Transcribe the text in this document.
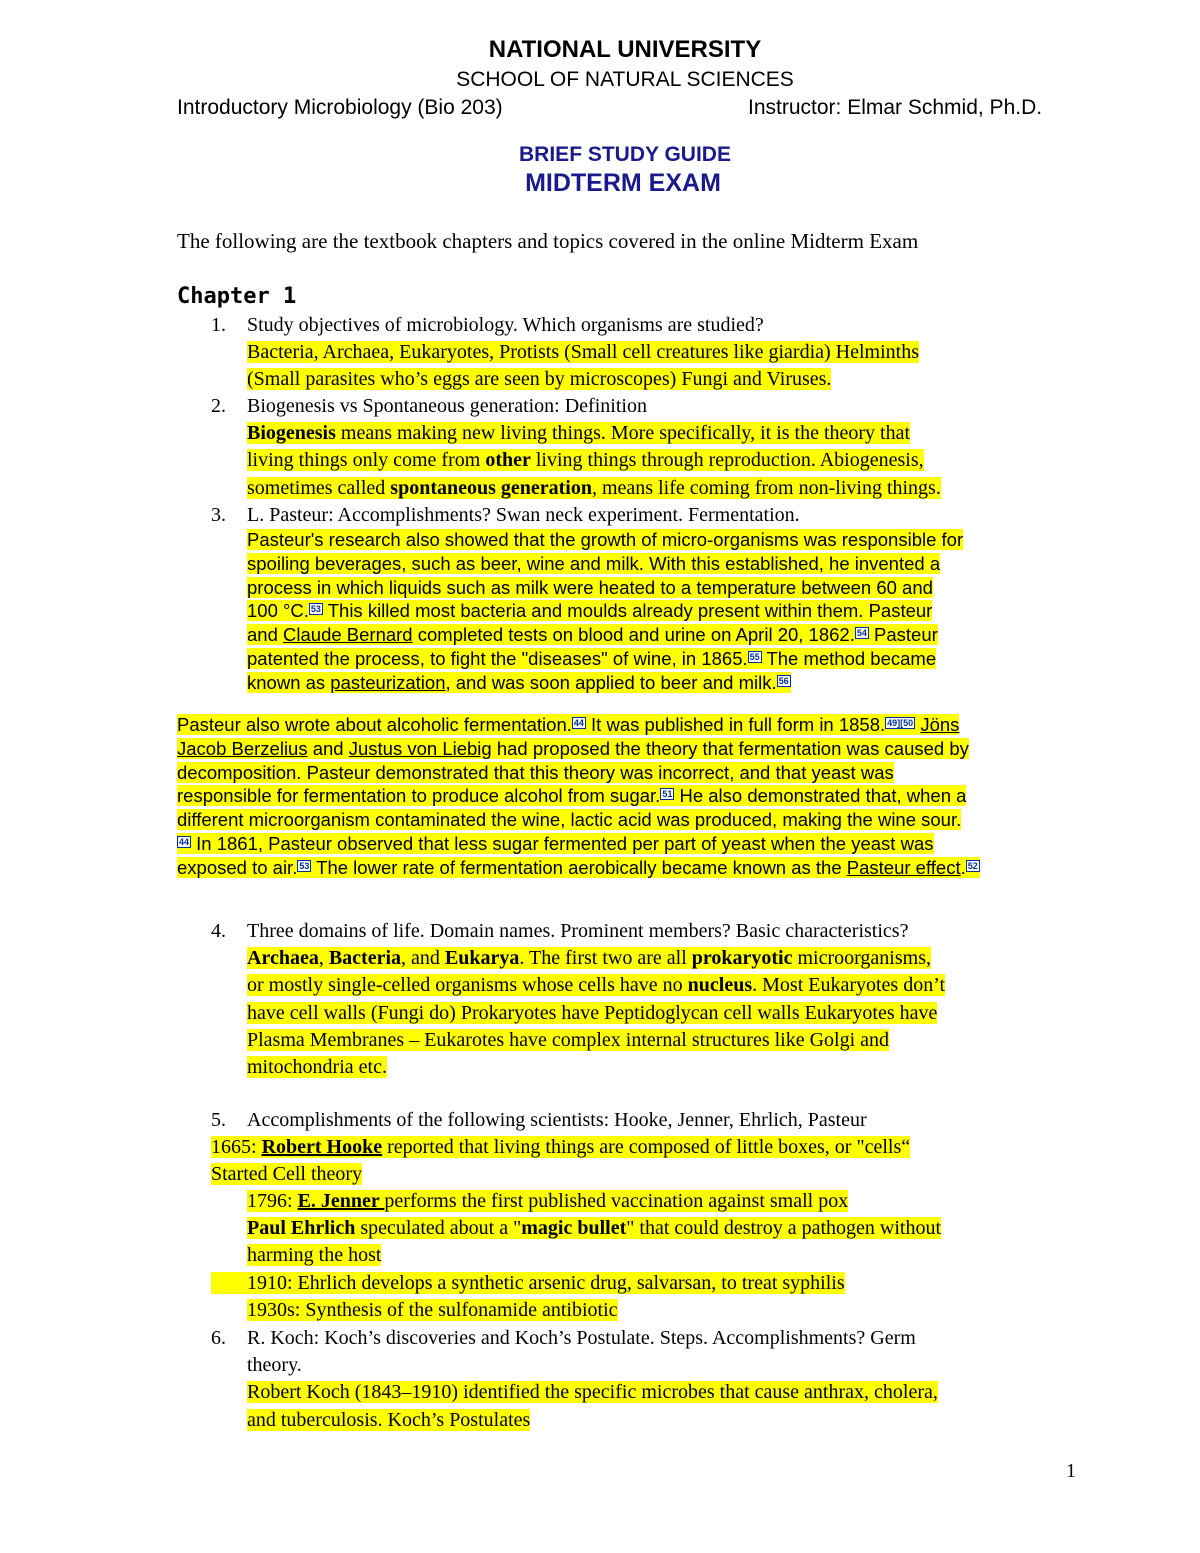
NATIONAL UNIVERSITY
SCHOOL OF NATURAL SCIENCES
Introductory Microbiology (Bio 203)	Instructor: Elmar Schmid, Ph.D.
BRIEF STUDY GUIDE
MIDTERM EXAM
The following are the textbook chapters and topics covered in the online Midterm Exam
Chapter 1
1. Study objectives of microbiology. Which organisms are studied?
Bacteria, Archaea, Eukaryotes, Protists (Small cell creatures like giardia) Helminths
(Small parasites who’s eggs are seen by microscopes) Fungi and Viruses.
2. Biogenesis vs Spontaneous generation: Definition
Biogenesis means making new living things. More specifically, it is the theory that
living things only come from other living things through reproduction. Abiogenesis,
sometimes called spontaneous generation, means life coming from non-living things.
3. L. Pasteur: Accomplishments? Swan neck experiment. Fermentation.
Pasteur's research also showed that the growth of micro-organisms was responsible for
spoiling beverages, such as beer, wine and milk. With this established, he invented a
process in which liquids such as milk were heated to a temperature between 60 and
100 °C. $^{53}$ This killed most bacteria and moulds already present within them. Pasteur
and Claude Bernard completed tests on blood and urine on April 20, 1862. $^{54}$ Pasteur
patented the process, to fight the "diseases" of wine, in 1865. $^{55}$ The method became
known as pasteurization, and was soon applied to beer and milk. $^{56}$
Pasteur also wrote about alcoholic fermentation. $^{44}$ It was published in full form in 1858. $^{49][50}$ Jöns
Jacob Berzelius and Justus von Liebig had proposed the theory that fermentation was caused by
decomposition. Pasteur demonstrated that this theory was incorrect, and that yeast was
responsible for fermentation to produce alcohol from sugar. $^{51}$ He also demonstrated that, when a
different microorganism contaminated the wine, lactic acid was produced, making the wine sour.
$^{44}$ In 1861, Pasteur observed that less sugar fermented per part of yeast when the yeast was
exposed to air. $^{53}$ The lower rate of fermentation aerobically became known as the Pasteur effect. $^{52}$
4. Three domains of life. Domain names. Prominent members? Basic characteristics?
Archaea, Bacteria, and Eukarya. The first two are all prokaryotic microorganisms,
or mostly single-celled organisms whose cells have no nucleus. Most Eukaryotes don’t
have cell walls (Fungi do) Prokaryotes have Peptidoglycan cell walls Eukaryotes have
Plasma Membranes – Eukarotes have complex internal structures like Golgi and
mitochondria etc.
5. Accomplishments of the following scientists: Hooke, Jenner, Ehrlich, Pasteur
1665: Robert Hooke reported that living things are composed of little boxes, or "cells“
Started Cell theory
1796: E. Jenner performs the first published vaccination against small pox
Paul Ehrlich speculated about a "magic bullet" that could destroy a pathogen without
harming the host
1910: Ehrlich develops a synthetic arsenic drug, salvarsan, to treat syphilis
1930s: Synthesis of the sulfonamide antibiotic
6. R. Koch: Koch’s discoveries and Koch’s Postulate. Steps. Accomplishments? Germ
theory.
Robert Koch (1843–1910) identified the specific microbes that cause anthrax, cholera,
and tuberculosis. Koch’s Postulates
1
